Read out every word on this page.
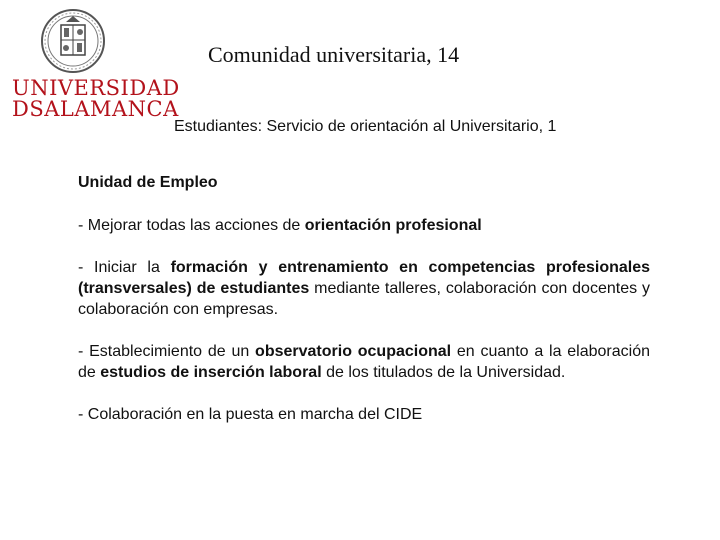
UNIVERSIDAD
DSALAMANCA
Comunidad universitaria, 14
Estudiantes: Servicio de orientación al Universitario, 1
Unidad de Empleo

- Mejorar todas las acciones de orientación profesional

- Iniciar la formación y entrenamiento en competencias profesionales (transversales) de estudiantes mediante talleres, colaboración con docentes y colaboración con empresas.

- Establecimiento de un observatorio ocupacional en cuanto a la elaboración de estudios de inserción laboral de los titulados de la Universidad.

- Colaboración en la puesta en marcha del CIDE
